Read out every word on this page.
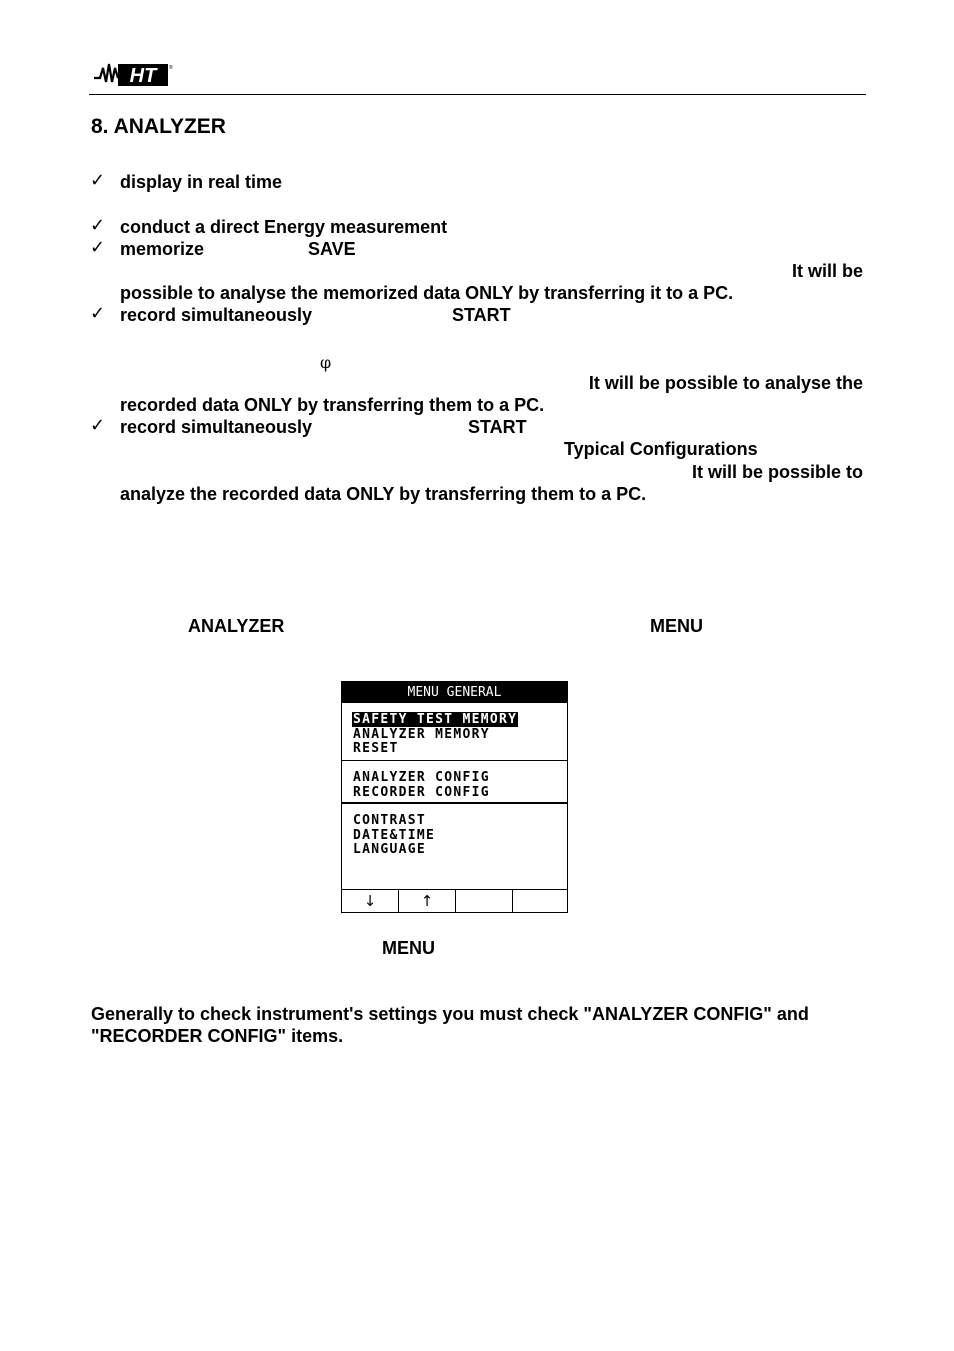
HT	®
8. ANALYZER
✓ display in real time
✓ conduct a direct Energy measurement
✓ memorize	SAVE
It will be
possible to analyse the memorized data ONLY by transferring it to a PC.
✓ record simultaneously	START
φ
It will be possible to analyse the
recorded data ONLY by transferring them to a PC.
✓ record simultaneously	START
Typical Configurations
It will be possible to
analyze the recorded data ONLY by transferring them to a PC.
ANALYZER	MENU
MENU GENERAL
SAFETY TEST MEMORY
ANALYZER MEMORY
RESET
ANALYZER CONFIG
RECORDER CONFIG
CONTRAST
DATE&TIME
LANGUAGE
↓	↑
MENU
Generally to check instrument's settings you must check "ANALYZER CONFIG" and
"RECORDER CONFIG" items.
